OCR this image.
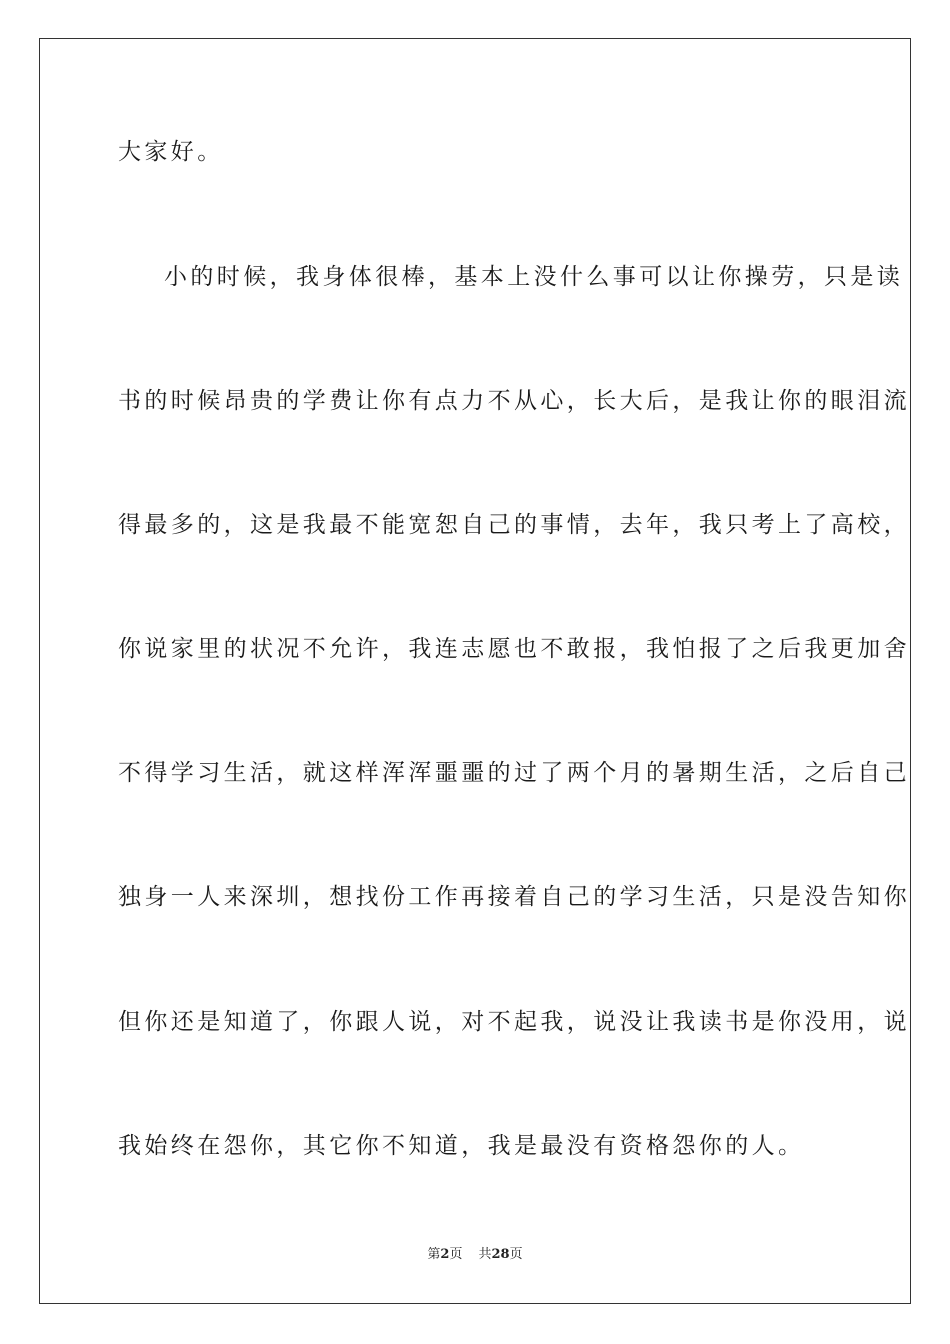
大家好。
小的时候，我身体很棒，基本上没什么事可以让你操劳，只是读
书的时候昂贵的学费让你有点力不从心，长大后，是我让你的眼泪流
得最多的，这是我最不能宽恕自己的事情，去年，我只考上了高校，
你说家里的状况不允许，我连志愿也不敢报，我怕报了之后我更加舍
不得学习生活，就这样浑浑噩噩的过了两个月的暑期生活，之后自己
独身一人来深圳，想找份工作再接着自己的学习生活，只是没告知你
但你还是知道了，你跟人说，对不起我，说没让我读书是你没用，说
我始终在怨你，其它你不知道，我是最没有资格怨你的人。
第2页 共28页
